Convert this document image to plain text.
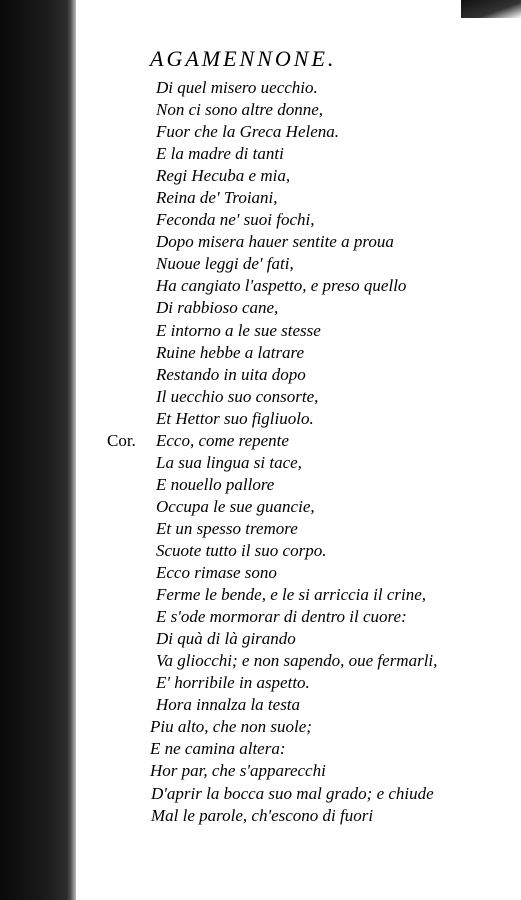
AGAMENNONE.
Di quel misero uecchio.
Non ci sono altre donne,
Fuor che la Greca Helena.
E la madre di tanti
Regi Hecuba e mia,
Reina de' Troiani,
Feconda ne' suoi fochi,
Dopo misera hauer sentite a proua
Nuoue leggi de' fati,
Ha cangiato l'aspetto, e preso quello
Di rabbioso cane,
E intorno a le sue stesse
Ruine hebbe a latrare
Restando in uita dopo
Il uecchio suo consorte,
Et Hettor suo figliuolo.
Cor. Ecco, come repente
La sua lingua si tace,
E nouello pallore
Occupa le sue guancie,
Et un spesso tremore
Scuote tutto il suo corpo.
Ecco rimase sono
Ferme le bende, e le si arriccia il crine,
E s'ode mormorar di dentro il cuore:
Di quà di là girando
Va gliocchi; e non sapendo, oue fermarli,
E' horribile in aspetto.
Hora innalza la testa
Piu alto, che non suole;
E ne camina altera:
Hor par, che s'apparecchi
D'aprir la bocca suo mal grado; e chiude
Mal le parole, ch'escono di fuori
